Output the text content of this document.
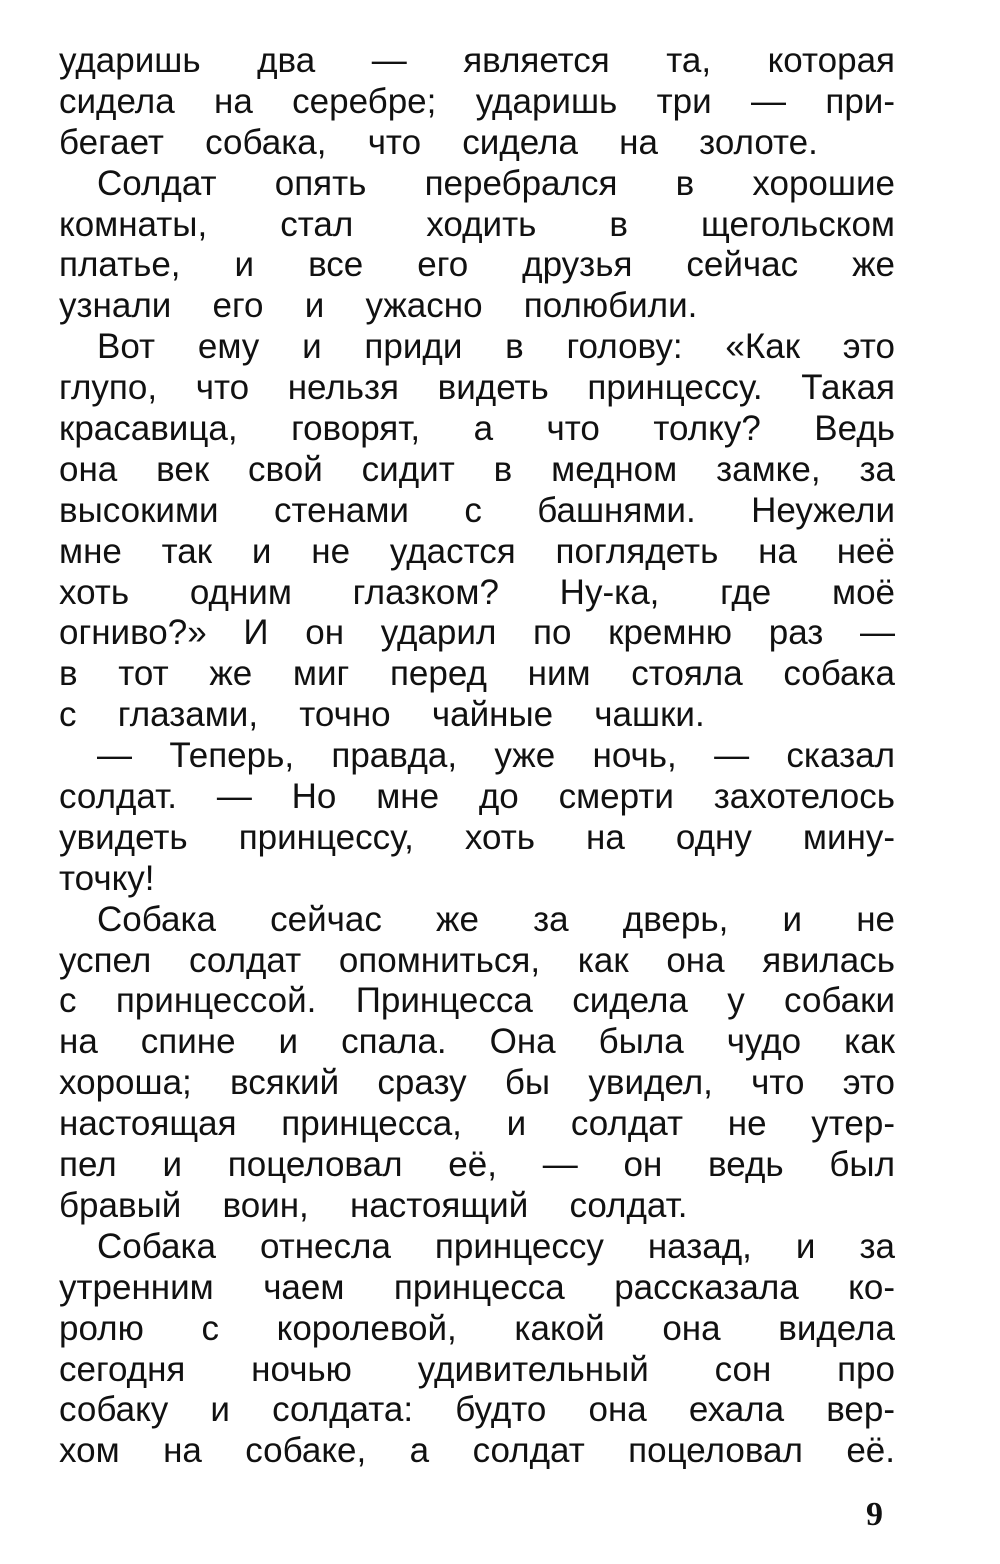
ударишь два — является та, которая
сидела на серебре; ударишь три — при-
бегает собака, что сидела на золоте.
Солдат опять перебрался в хорошие
комнаты, стал ходить в щегольском
платье, и все его друзья сейчас же
узнали его и ужасно полюбили.
Вот ему и приди в голову: «Как это
глупо, что нельзя видеть принцессу. Такая
красавица, говорят, а что толку? Ведь
она век свой сидит в медном замке, за
высокими стенами с башнями. Неужели
мне так и не удастся поглядеть на неё
хоть одним глазком? Ну-ка, где моё
огниво?» И он ударил по кремню раз —
в тот же миг перед ним стояла собака
с глазами, точно чайные чашки.
— Теперь, правда, уже ночь, — сказал
солдат. — Но мне до смерти захотелось
увидеть принцессу, хоть на одну мину-
точку!
Собака сейчас же за дверь, и не
успел солдат опомниться, как она явилась
с принцессой. Принцесса сидела у собаки
на спине и спала. Она была чудо как
хороша; всякий сразу бы увидел, что это
настоящая принцесса, и солдат не утер-
пел и поцеловал её, — он ведь был
бравый воин, настоящий солдат.
Собака отнесла принцессу назад, и за
утренним чаем принцесса рассказала ко-
ролю с королевой, какой она видела
сегодня ночью удивительный сон про
собаку и солдата: будто она ехала вер-
хом на собаке, а солдат поцеловал её.
9
